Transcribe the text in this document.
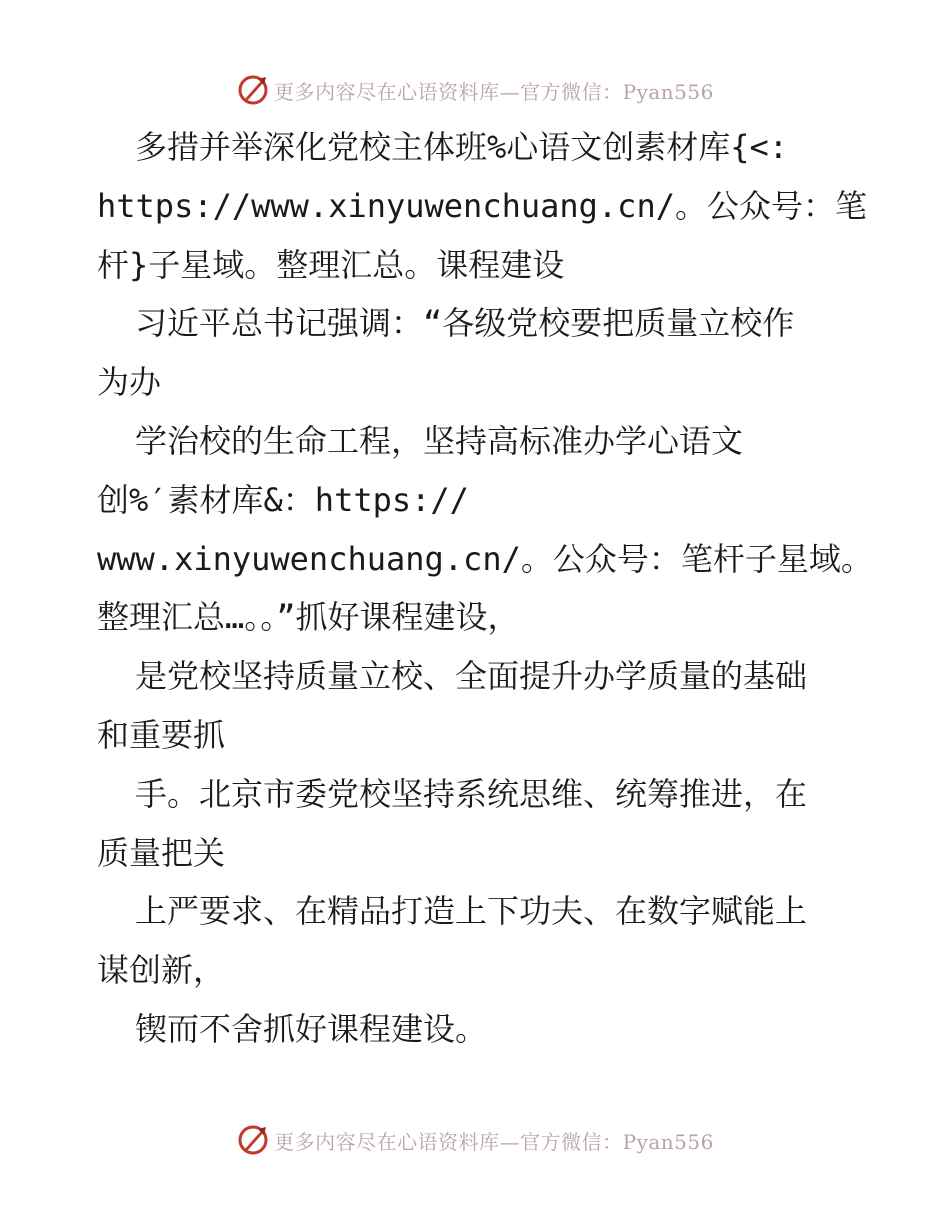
更多内容尽在心语资料库—官方微信：Pyan556
多措并举深化党校主体班%心语文创素材库{<:
https://www.xinyuwenchuang.cn/。公众号：笔
杆}子星域。整理汇总。课程建设
习近平总书记强调：“各级党校要把质量立校作
为办
学治校的生命工程，坚持高标准办学心语文
创%′素材库&：https://
www.xinyuwenchuang.cn/。公众号：笔杆子星域。
整理汇总…。。”抓好课程建设，
是党校坚持质量立校、全面提升办学质量的基础
和重要抓
手。北京市委党校坚持系统思维、统筹推进，在
质量把关
上严要求、在精品打造上下功夫、在数字赋能上
谋创新，
锲而不舍抓好课程建设。
更多内容尽在心语资料库—官方微信：Pyan556
